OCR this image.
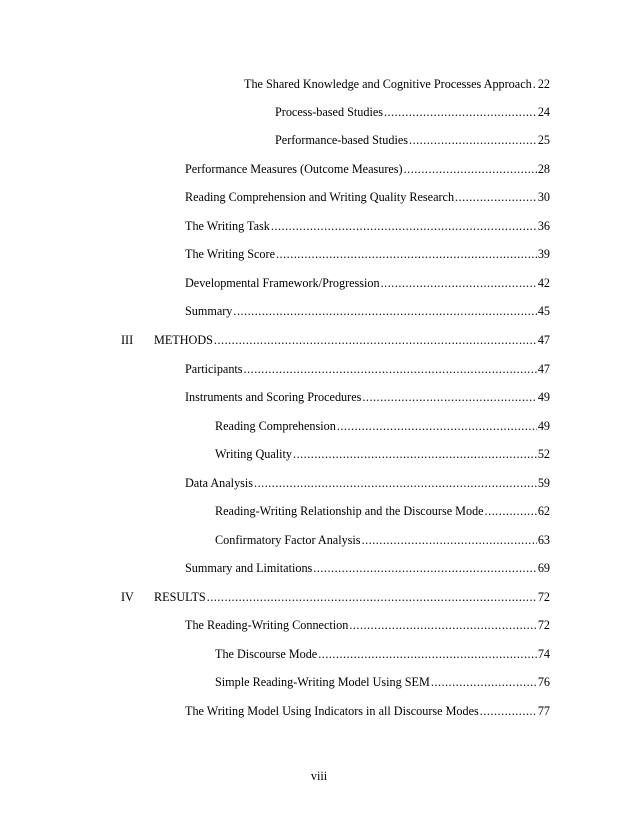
The Shared Knowledge and Cognitive Processes Approach ..... 22
Process-based Studies .....	24
Performance-based Studies .....	25
Performance Measures (Outcome Measures) .....	28
Reading Comprehension and Writing Quality Research .....	30
The Writing Task .....	36
The Writing Score .....	39
Developmental Framework/Progression .....	42
Summary .....	45
III METHODS .....	47
Participants .....	47
Instruments and Scoring Procedures .....	49
Reading Comprehension .....	49
Writing Quality .....	52
Data Analysis .....	59
Reading-Writing Relationship and the Discourse Mode .....	62
Confirmatory Factor Analysis .....	63
Summary and Limitations .....	69
IV RESULTS .....	72
The Reading-Writing Connection .....	72
The Discourse Mode .....	74
Simple Reading-Writing Model Using SEM .....	76
The Writing Model Using Indicators in all Discourse Modes .....	77
viii
